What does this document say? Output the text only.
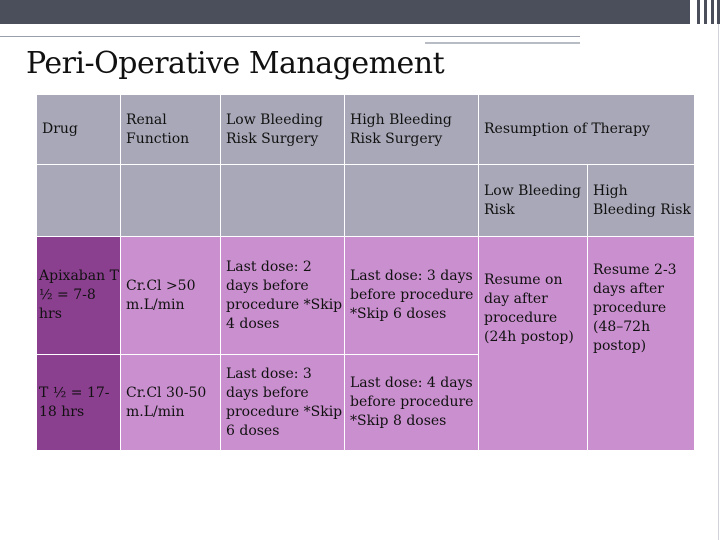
Peri-Operative Management
Drug	Renal Function	Low Bleeding Risk Surgery	High Bleeding Risk Surgery	Resumption of Therapy	
				Low Bleeding Risk	High Bleeding Risk
Apixaban T ½ = 7-8 hrs	Cr.Cl >50 m.L/min	Last dose: 2 days before procedure *Skip 4 doses	Last dose: 3 days before procedure *Skip 6 doses	Resume on day after procedure (24h postop)	Resume 2-3 days after procedure (48–72h postop)

T ½ = 17-18 hrs	Cr.Cl 30-50 m.L/min	Last dose: 3 days before procedure *Skip 6 doses	Last dose: 4 days before procedure *Skip 8 doses		
